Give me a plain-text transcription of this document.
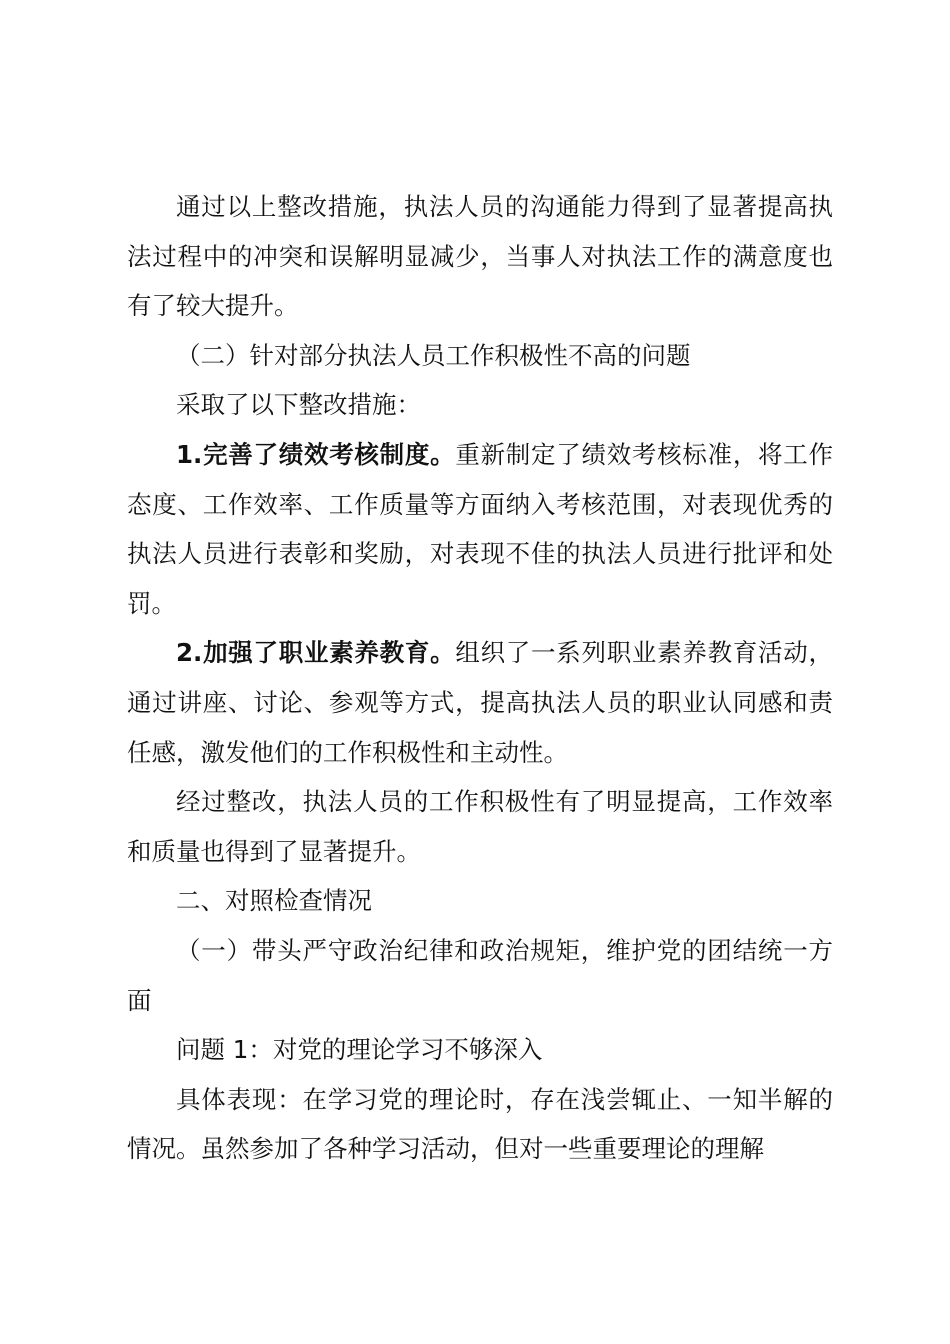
通过以上整改措施，执法人员的沟通能力得到了显著提高执法过程中的冲突和误解明显减少，当事人对执法工作的满意度也有了较大提升。

（二）针对部分执法人员工作积极性不高的问题

采取了以下整改措施：

1.完善了绩效考核制度。重新制定了绩效考核标准，将工作态度、工作效率、工作质量等方面纳入考核范围，对表现优秀的执法人员进行表彰和奖励，对表现不佳的执法人员进行批评和处罚。

2.加强了职业素养教育。组织了一系列职业素养教育活动，通过讲座、讨论、参观等方式，提高执法人员的职业认同感和责任感，激发他们的工作积极性和主动性。

经过整改，执法人员的工作积极性有了明显提高，工作效率和质量也得到了显著提升。

二、对照检查情况

（一）带头严守政治纪律和政治规矩，维护党的团结统一方面

问题 1：对党的理论学习不够深入

具体表现：在学习党的理论时，存在浅尝辄止、一知半解的情况。虽然参加了各种学习活动，但对一些重要理论的理解
